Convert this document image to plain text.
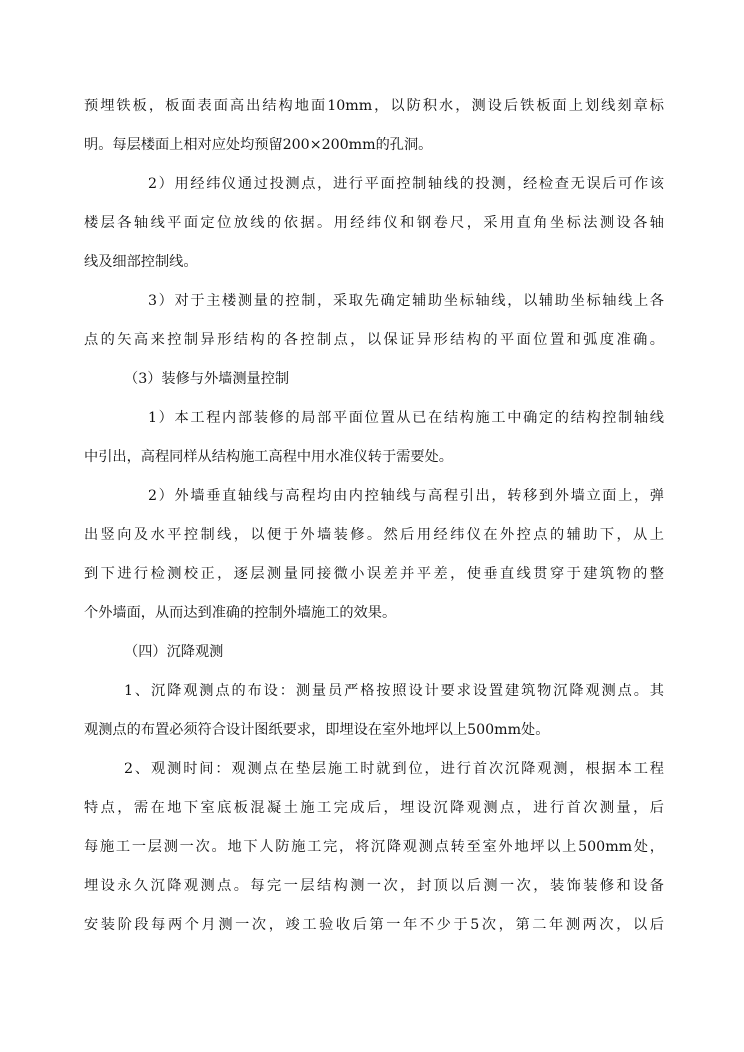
预埋铁板，板面表面高出结构地面10mm，以防积水，测设后铁板面上划线刻章标
明。每层楼面上相对应处均预留200×200mm的孔洞。
2）用经纬仪通过投测点，进行平面控制轴线的投测，经检查无误后可作该
楼层各轴线平面定位放线的依据。用经纬仪和钢卷尺，采用直角坐标法测设各轴
线及细部控制线。
3）对于主楼测量的控制，采取先确定辅助坐标轴线，以辅助坐标轴线上各
点的矢高来控制异形结构的各控制点，以保证异形结构的平面位置和弧度准确。
（3）装修与外墙测量控制
1）本工程内部装修的局部平面位置从已在结构施工中确定的结构控制轴线
中引出，高程同样从结构施工高程中用水准仪转于需要处。
2）外墙垂直轴线与高程均由内控轴线与高程引出，转移到外墙立面上，弹
出竖向及水平控制线，以便于外墙装修。然后用经纬仪在外控点的辅助下，从上
到下进行检测校正，逐层测量同接微小误差并平差，使垂直线贯穿于建筑物的整
个外墙面，从而达到准确的控制外墙施工的效果。
（四）沉降观测
1、沉降观测点的布设：测量员严格按照设计要求设置建筑物沉降观测点。其
观测点的布置必须符合设计图纸要求，即埋设在室外地坪以上500mm处。
2、观测时间：观测点在垫层施工时就到位，进行首次沉降观测，根据本工程
特点，需在地下室底板混凝土施工完成后，埋设沉降观测点，进行首次测量，后
每施工一层测一次。地下人防施工完，将沉降观测点转至室外地坪以上500mm处，
埋设永久沉降观测点。每完一层结构测一次，封顶以后测一次，装饰装修和设备
安装阶段每两个月测一次，竣工验收后第一年不少于5次，第二年测两次，以后
